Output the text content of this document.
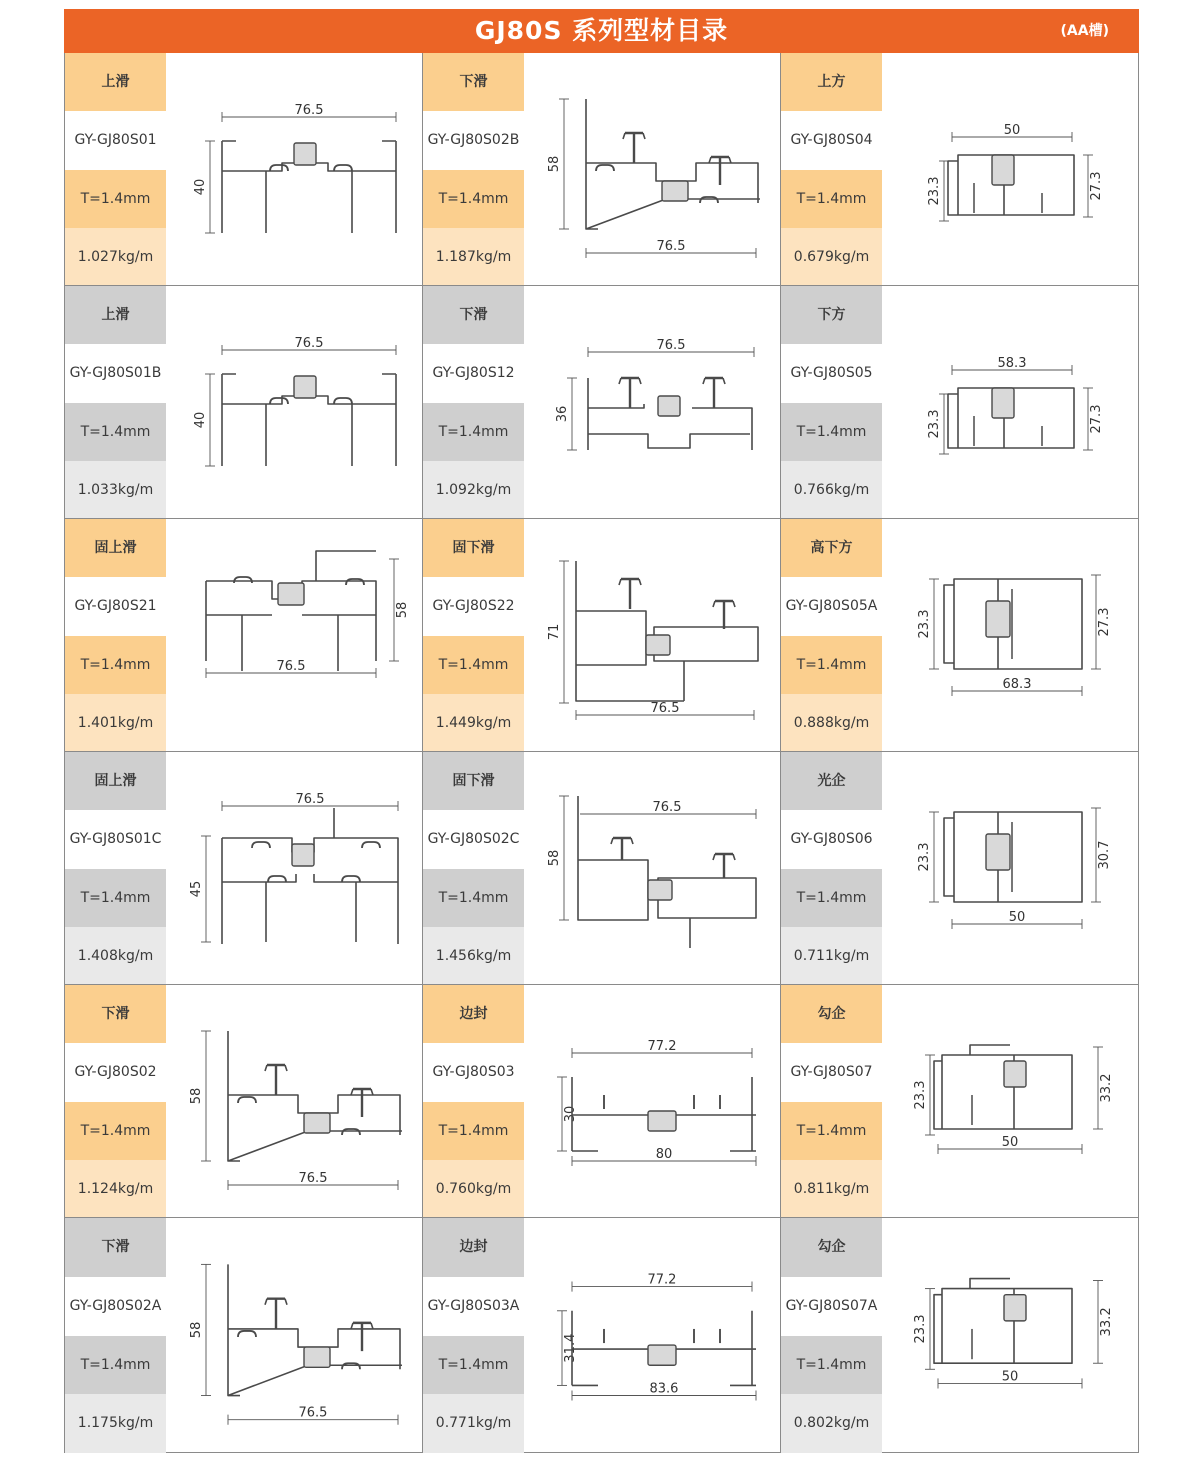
GJ80S 系列型材目录	(AA槽)
上滑
GY-GJ80S01
T=1.4mm
1.027kg/m
76.5
40
下滑
GY-GJ80S02B
T=1.4mm
1.187kg/m
76.5
58
上方
GY-GJ80S04
T=1.4mm
0.679kg/m
50
23.3	27.3
上滑
GY-GJ80S01B
T=1.4mm
1.033kg/m
76.5
40
下滑
GY-GJ80S12
T=1.4mm
1.092kg/m
76.5
36
下方
GY-GJ80S05
T=1.4mm
0.766kg/m
58.3
23.3	27.3
固上滑
GY-GJ80S21
T=1.4mm
1.401kg/m
76.5
58
固下滑
GY-GJ80S22
T=1.4mm
1.449kg/m
76.5
71
高下方
GY-GJ80S05A
T=1.4mm
0.888kg/m
68.3
23.3	27.3
固上滑
GY-GJ80S01C
T=1.4mm
1.408kg/m
76.5
45
固下滑
GY-GJ80S02C
T=1.4mm
1.456kg/m
76.5
58
光企
GY-GJ80S06
T=1.4mm
0.711kg/m
50
23.3	30.7
下滑
GY-GJ80S02
T=1.4mm
1.124kg/m
76.5
58
边封
GY-GJ80S03
T=1.4mm
0.760kg/m
77.2
80
30
勾企
GY-GJ80S07
T=1.4mm
0.811kg/m
50
23.3	33.2
下滑
GY-GJ80S02A
T=1.4mm
1.175kg/m
76.5
58
边封
GY-GJ80S03A
T=1.4mm
0.771kg/m
77.2
83.6
31.4
勾企
GY-GJ80S07A
T=1.4mm
0.802kg/m
50
23.3	33.2
